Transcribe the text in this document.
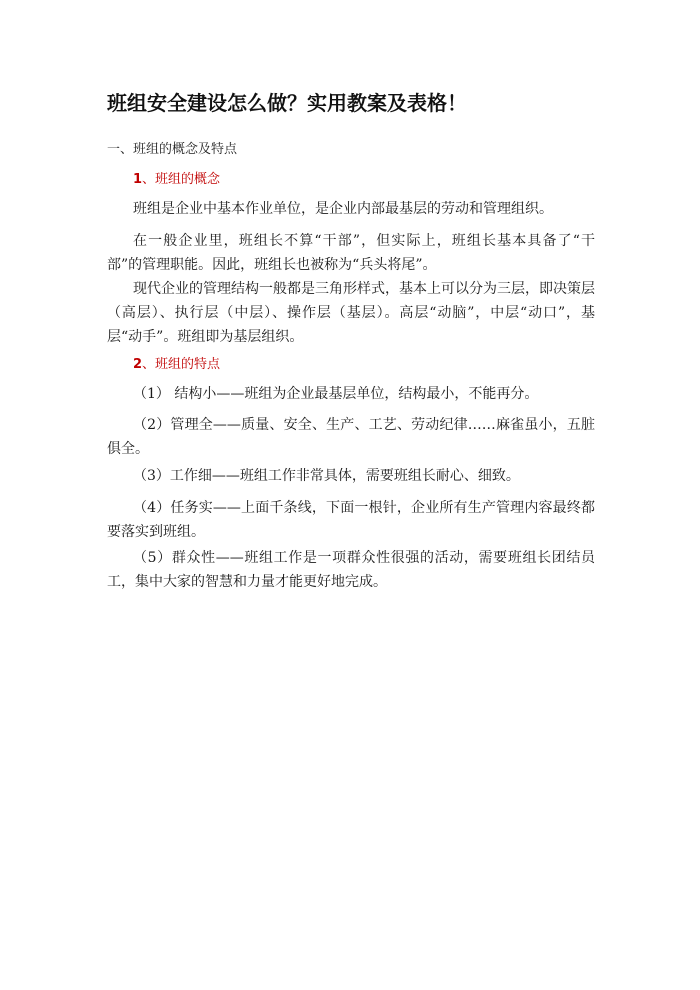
班组安全建设怎么做？实用教案及表格！

一、班组的概念及特点

1、班组的概念

班组是企业中基本作业单位，是企业内部最基层的劳动和管理组织。

在一般企业里，班组长不算“干部”，但实际上，班组长基本具备了“干部”的管理职能。因此，班组长也被称为“兵头将尾”。

现代企业的管理结构一般都是三角形样式，基本上可以分为三层，即决策层（高层）、执行层（中层）、操作层（基层）。高层“动脑”，中层“动口”，基层“动手”。班组即为基层组织。

2、班组的特点

（1） 结构小——班组为企业最基层单位，结构最小，不能再分。

（2）管理全——质量、安全、生产、工艺、劳动纪律……麻雀虽小，五脏俱全。

（3）工作细——班组工作非常具体，需要班组长耐心、细致。

（4）任务实——上面千条线，下面一根针，企业所有生产管理内容最终都要落实到班组。

（5）群众性——班组工作是一项群众性很强的活动，需要班组长团结员工，集中大家的智慧和力量才能更好地完成。
